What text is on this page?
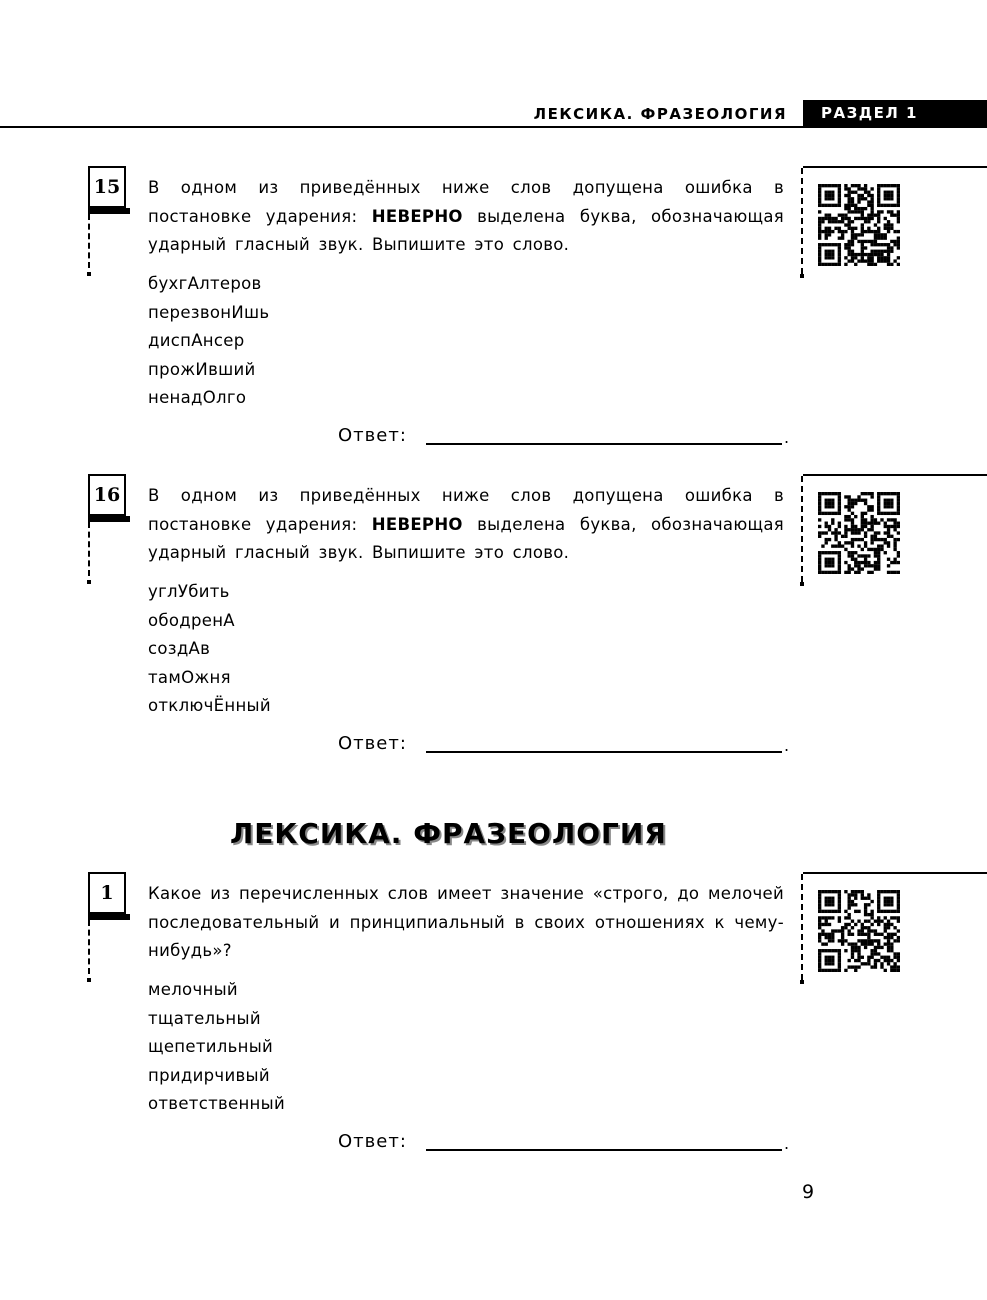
ЛЕКСИКА. ФРАЗЕОЛОГИЯ РАЗДЕЛ 1
15 В одном из приведённых ниже слов допущена ошибка в постановке ударения: НЕВЕРНО выделена буква, обозначающая ударный гласный звук. Выпишите это слово.

бухгАлтеров
перезвонИшь
диспАнсер
прожИвший
ненадОлго
Ответ:	.
16 В одном из приведённых ниже слов допущена ошибка в постановке ударения: НЕВЕРНО выделена буква, обозначающая ударный гласный звук. Выпишите это слово.

углУбить
ободренА
создАв
тамОжня
отключЁнный
Ответ:	.
ЛЕКСИКА. ФРАЗЕОЛОГИЯ
1	Какое из перечисленных слов имеет значение «строго, до мелочей последовательный и принципиальный в своих отношениях к чему-нибудь»?

мелочный
тщательный
щепетильный
придирчивый
ответственный
Ответ:	.
9
